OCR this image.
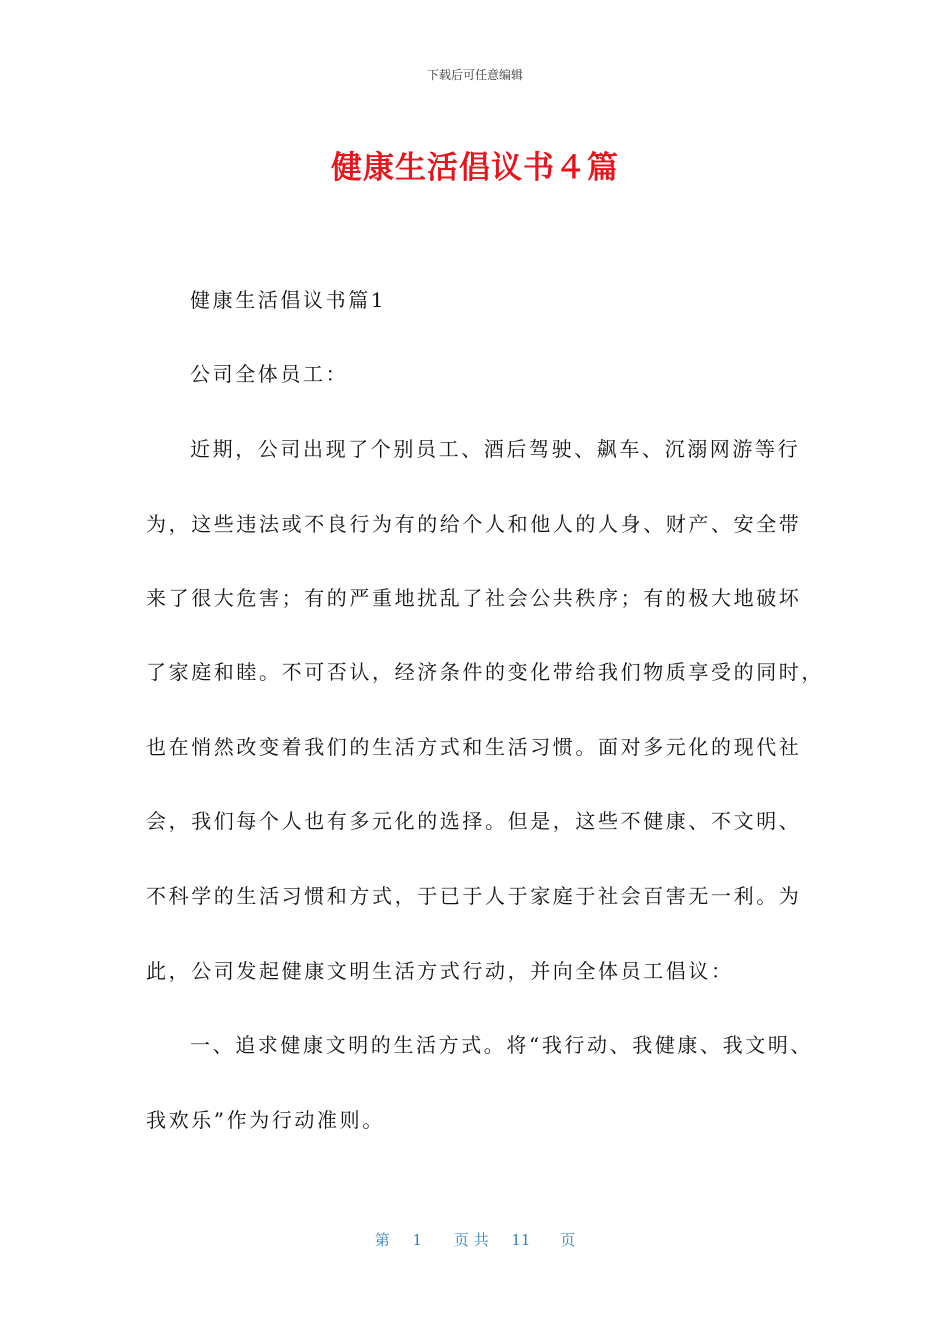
下载后可任意编辑
健康生活倡议书４篇
健康生活倡议书篇1
公司全体员工：
近期，公司出现了个别员工、酒后驾驶、飙车、沉溺网游等行
为，这些违法或不良行为有的给个人和他人的人身、财产、安全带
来了很大危害；有的严重地扰乱了社会公共秩序；有的极大地破坏
了家庭和睦。不可否认，经济条件的变化带给我们物质享受的同时，
也在悄然改变着我们的生活方式和生活习惯。面对多元化的现代社
会，我们每个人也有多元化的选择。但是，这些不健康、不文明、
不科学的生活习惯和方式，于已于人于家庭于社会百害无一利。为
此，公司发起健康文明生活方式行动，并向全体员工倡议：
一、追求健康文明的生活方式。将“我行动、我健康、我文明、
我欢乐”作为行动准则。
第 1 页 共 11 页
